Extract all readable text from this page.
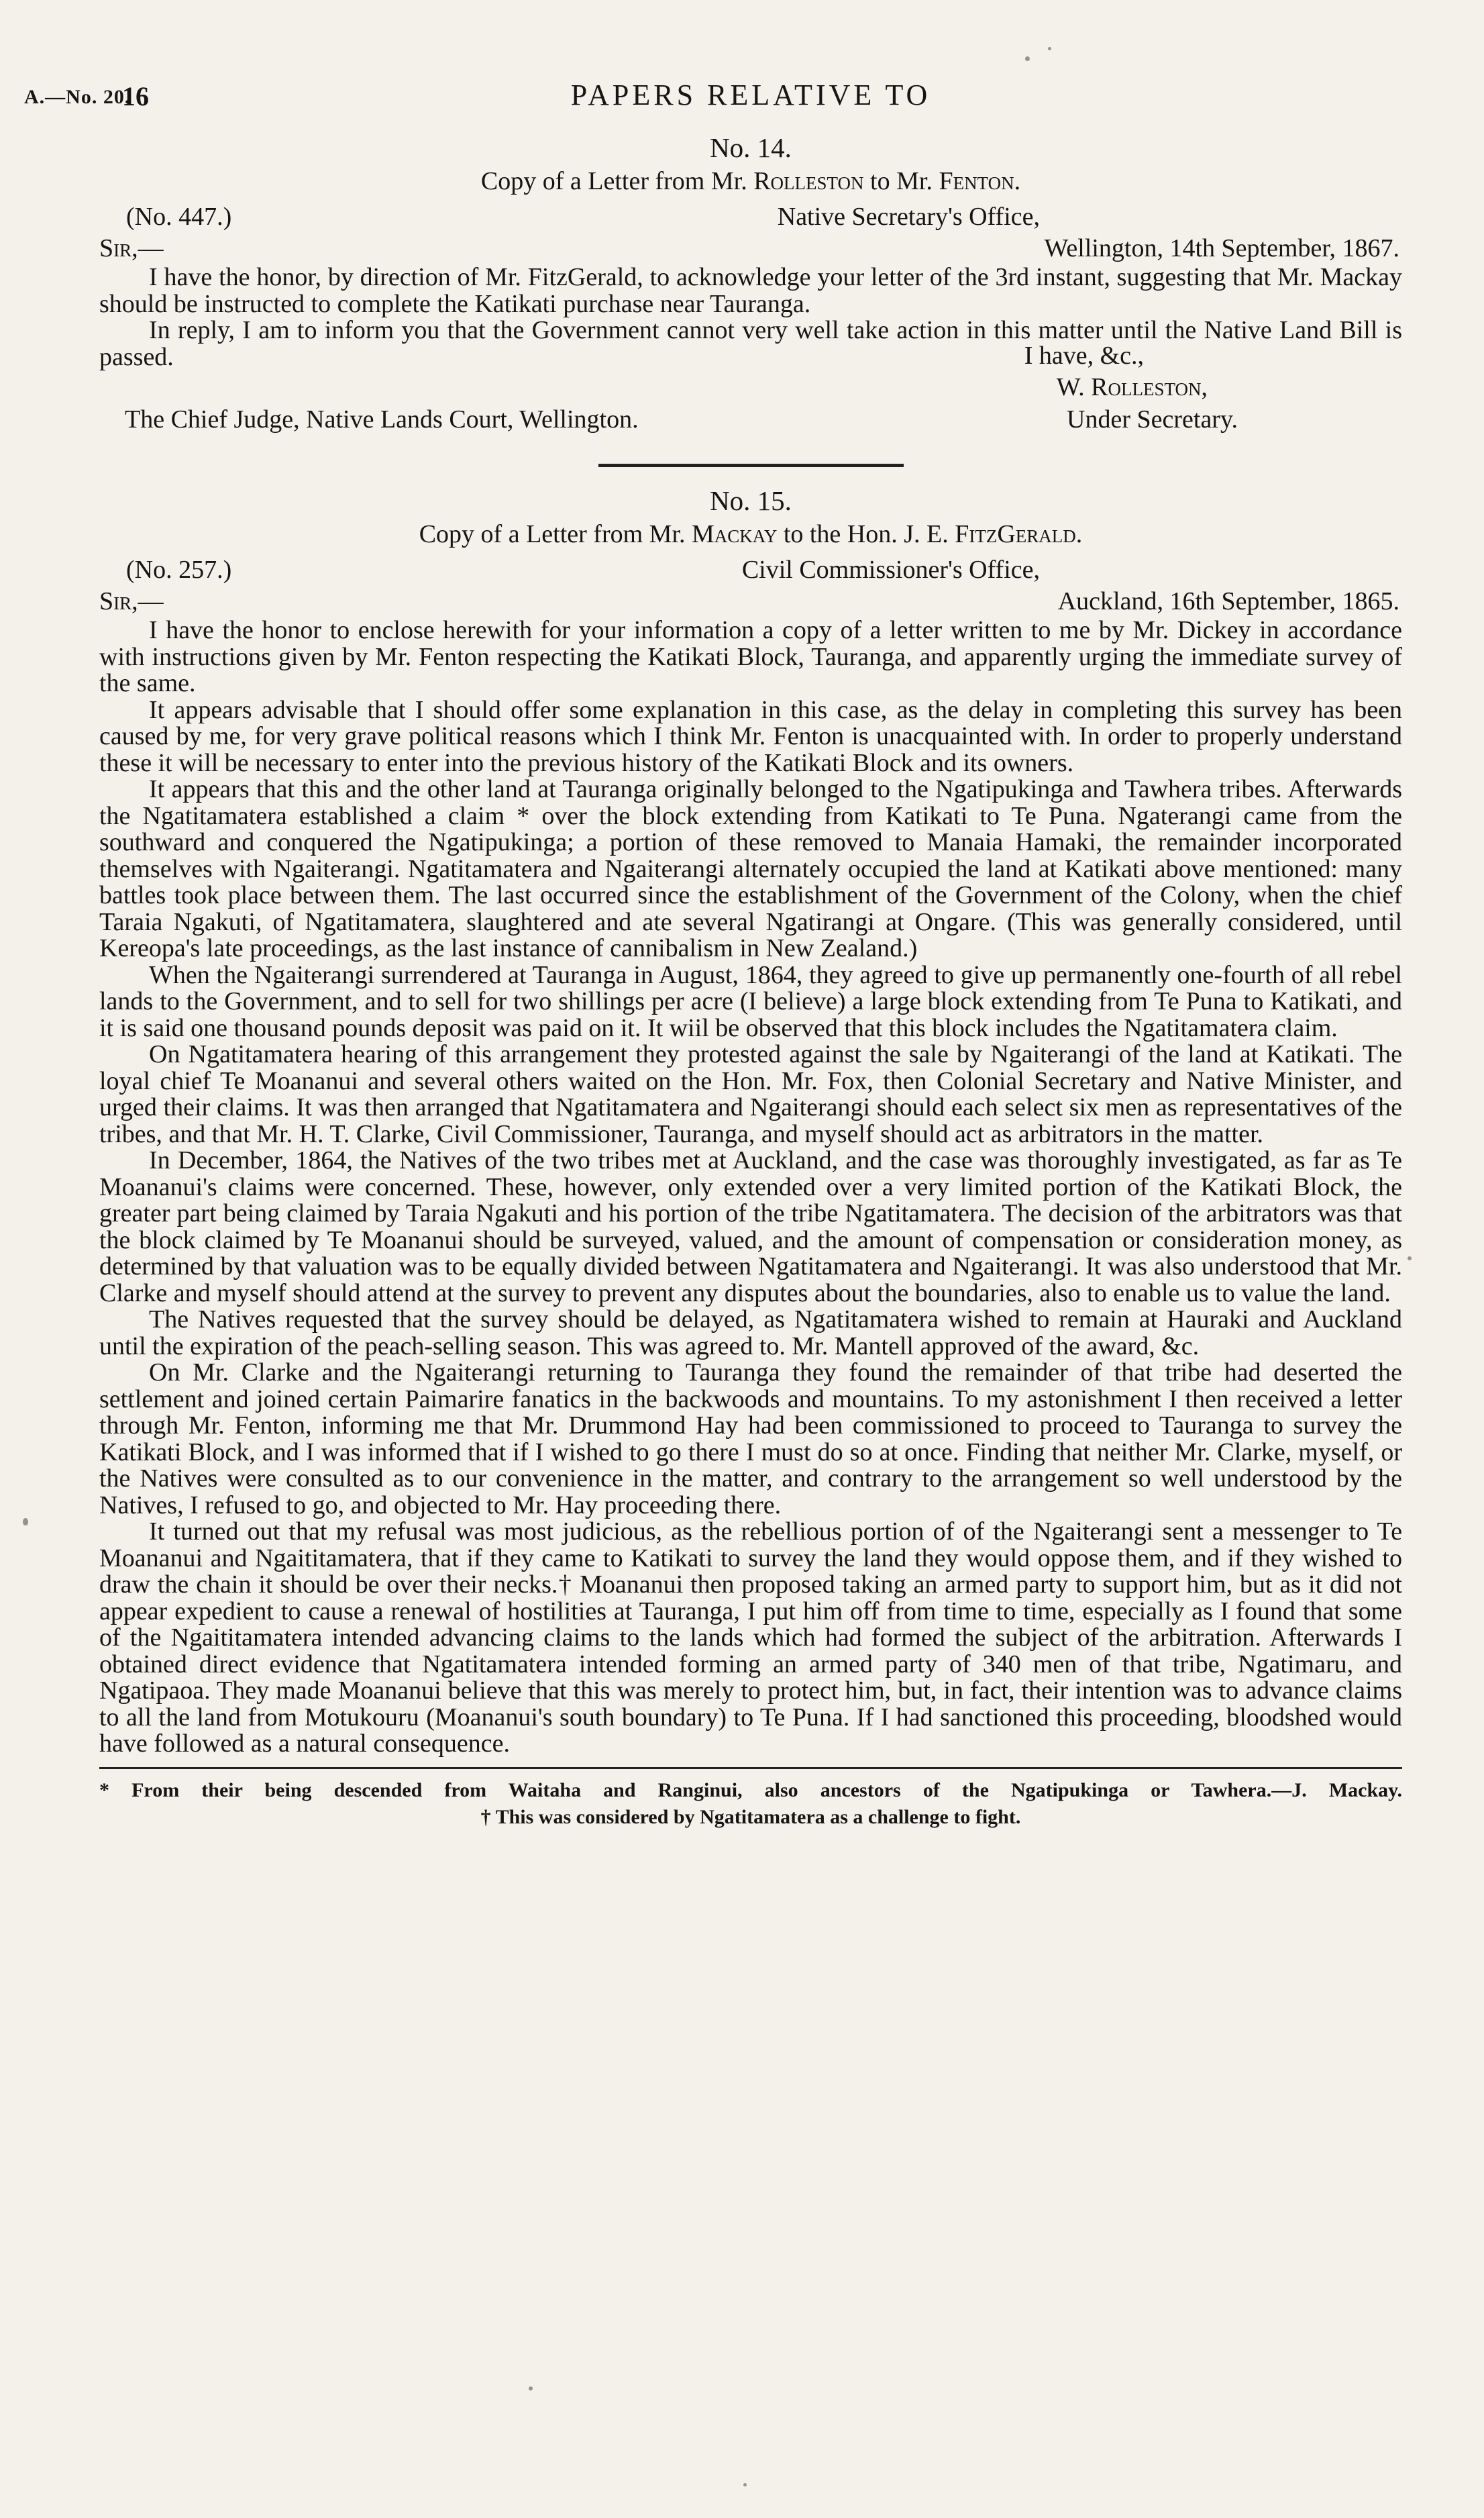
A.—No. 20.
16	PAPERS RELATIVE TO
No. 14.

Copy of a Letter from Mr. Rolleston to Mr. Fenton.

(No. 447.)	Native Secretary's Office,
Sir,—	Wellington, 14th September, 1867.

I have the honor, by direction of Mr. FitzGerald, to acknowledge your letter of the 3rd instant, suggesting that Mr. Mackay should be instructed to complete the Katikati purchase near Tauranga.

In reply, I am to inform you that the Government cannot very well take action in this matter until the Native Land Bill is passed.	I have, &c.,
W. Rolleston,
The Chief Judge, Native Lands Court, Wellington.	Under Secretary.
No. 15.

Copy of a Letter from Mr. Mackay to the Hon. J. E. FitzGerald.

(No. 257.)	Civil Commissioner's Office,
Sir,—	Auckland, 16th September, 1865.

I have the honor to enclose herewith for your information a copy of a letter written to me by Mr. Dickey in accordance with instructions given by Mr. Fenton respecting the Katikati Block, Tauranga, and apparently urging the immediate survey of the same.

It appears advisable that I should offer some explanation in this case, as the delay in completing this survey has been caused by me, for very grave political reasons which I think Mr. Fenton is unacquainted with. In order to properly understand these it will be necessary to enter into the previous history of the Katikati Block and its owners.

It appears that this and the other land at Tauranga originally belonged to the Ngatipukinga and Tawhera tribes. Afterwards the Ngatitamatera established a claim * over the block extending from Katikati to Te Puna. Ngaterangi came from the southward and conquered the Ngatipukinga; a portion of these removed to Manaia Hamaki, the remainder incorporated themselves with Ngaiterangi. Ngatitamatera and Ngaiterangi alternately occupied the land at Katikati above mentioned: many battles took place between them. The last occurred since the establishment of the Government of the Colony, when the chief Taraia Ngakuti, of Ngatitamatera, slaughtered and ate several Ngatirangi at Ongare. (This was generally considered, until Kereopa's late proceedings, as the last instance of cannibalism in New Zealand.)

When the Ngaiterangi surrendered at Tauranga in August, 1864, they agreed to give up permanently one-fourth of all rebel lands to the Government, and to sell for two shillings per acre (I believe) a large block extending from Te Puna to Katikati, and it is said one thousand pounds deposit was paid on it. It wiil be observed that this block includes the Ngatitamatera claim.

On Ngatitamatera hearing of this arrangement they protested against the sale by Ngaiterangi of the land at Katikati. The loyal chief Te Moananui and several others waited on the Hon. Mr. Fox, then Colonial Secretary and Native Minister, and urged their claims. It was then arranged that Ngatitamatera and Ngaiterangi should each select six men as representatives of the tribes, and that Mr. H. T. Clarke, Civil Commissioner, Tauranga, and myself should act as arbitrators in the matter.

In December, 1864, the Natives of the two tribes met at Auckland, and the case was thoroughly investigated, as far as Te Moananui's claims were concerned. These, however, only extended over a very limited portion of the Katikati Block, the greater part being claimed by Taraia Ngakuti and his portion of the tribe Ngatitamatera. The decision of the arbitrators was that the block claimed by Te Moananui should be surveyed, valued, and the amount of compensation or consideration money, as determined by that valuation was to be equally divided between Ngatitamatera and Ngaiterangi. It was also understood that Mr. Clarke and myself should attend at the survey to prevent any disputes about the boundaries, also to enable us to value the land.

The Natives requested that the survey should be delayed, as Ngatitamatera wished to remain at Hauraki and Auckland until the expiration of the peach-selling season. This was agreed to. Mr. Mantell approved of the award, &c.

On Mr. Clarke and the Ngaiterangi returning to Tauranga they found the remainder of that tribe had deserted the settlement and joined certain Paimarire fanatics in the backwoods and mountains. To my astonishment I then received a letter through Mr. Fenton, informing me that Mr. Drummond Hay had been commissioned to proceed to Tauranga to survey the Katikati Block, and I was informed that if I wished to go there I must do so at once. Finding that neither Mr. Clarke, myself, or the Natives were consulted as to our convenience in the matter, and contrary to the arrangement so well understood by the Natives, I refused to go, and objected to Mr. Hay proceeding there.

It turned out that my refusal was most judicious, as the rebellious portion of of the Ngaiterangi sent a messenger to Te Moananui and Ngaititamatera, that if they came to Katikati to survey the land they would oppose them, and if they wished to draw the chain it should be over their necks.† Moananui then proposed taking an armed party to support him, but as it did not appear expedient to cause a renewal of hostilities at Tauranga, I put him off from time to time, especially as I found that some of the Ngaititamatera intended advancing claims to the lands which had formed the subject of the arbitration. Afterwards I obtained direct evidence that Ngatitamatera intended forming an armed party of 340 men of that tribe, Ngatimaru, and Ngatipaoa. They made Moananui believe that this was merely to protect him, but, in fact, their intention was to advance claims to all the land from Motukouru (Moananui's south boundary) to Te Puna. If I had sanctioned this proceeding, bloodshed would have followed as a natural consequence.

* From their being descended from Waitaha and Ranginui, also ancestors of the Ngatipukinga or Tawhera.—J. Mackay.

† This was considered by Ngatitamatera as a challenge to fight.
